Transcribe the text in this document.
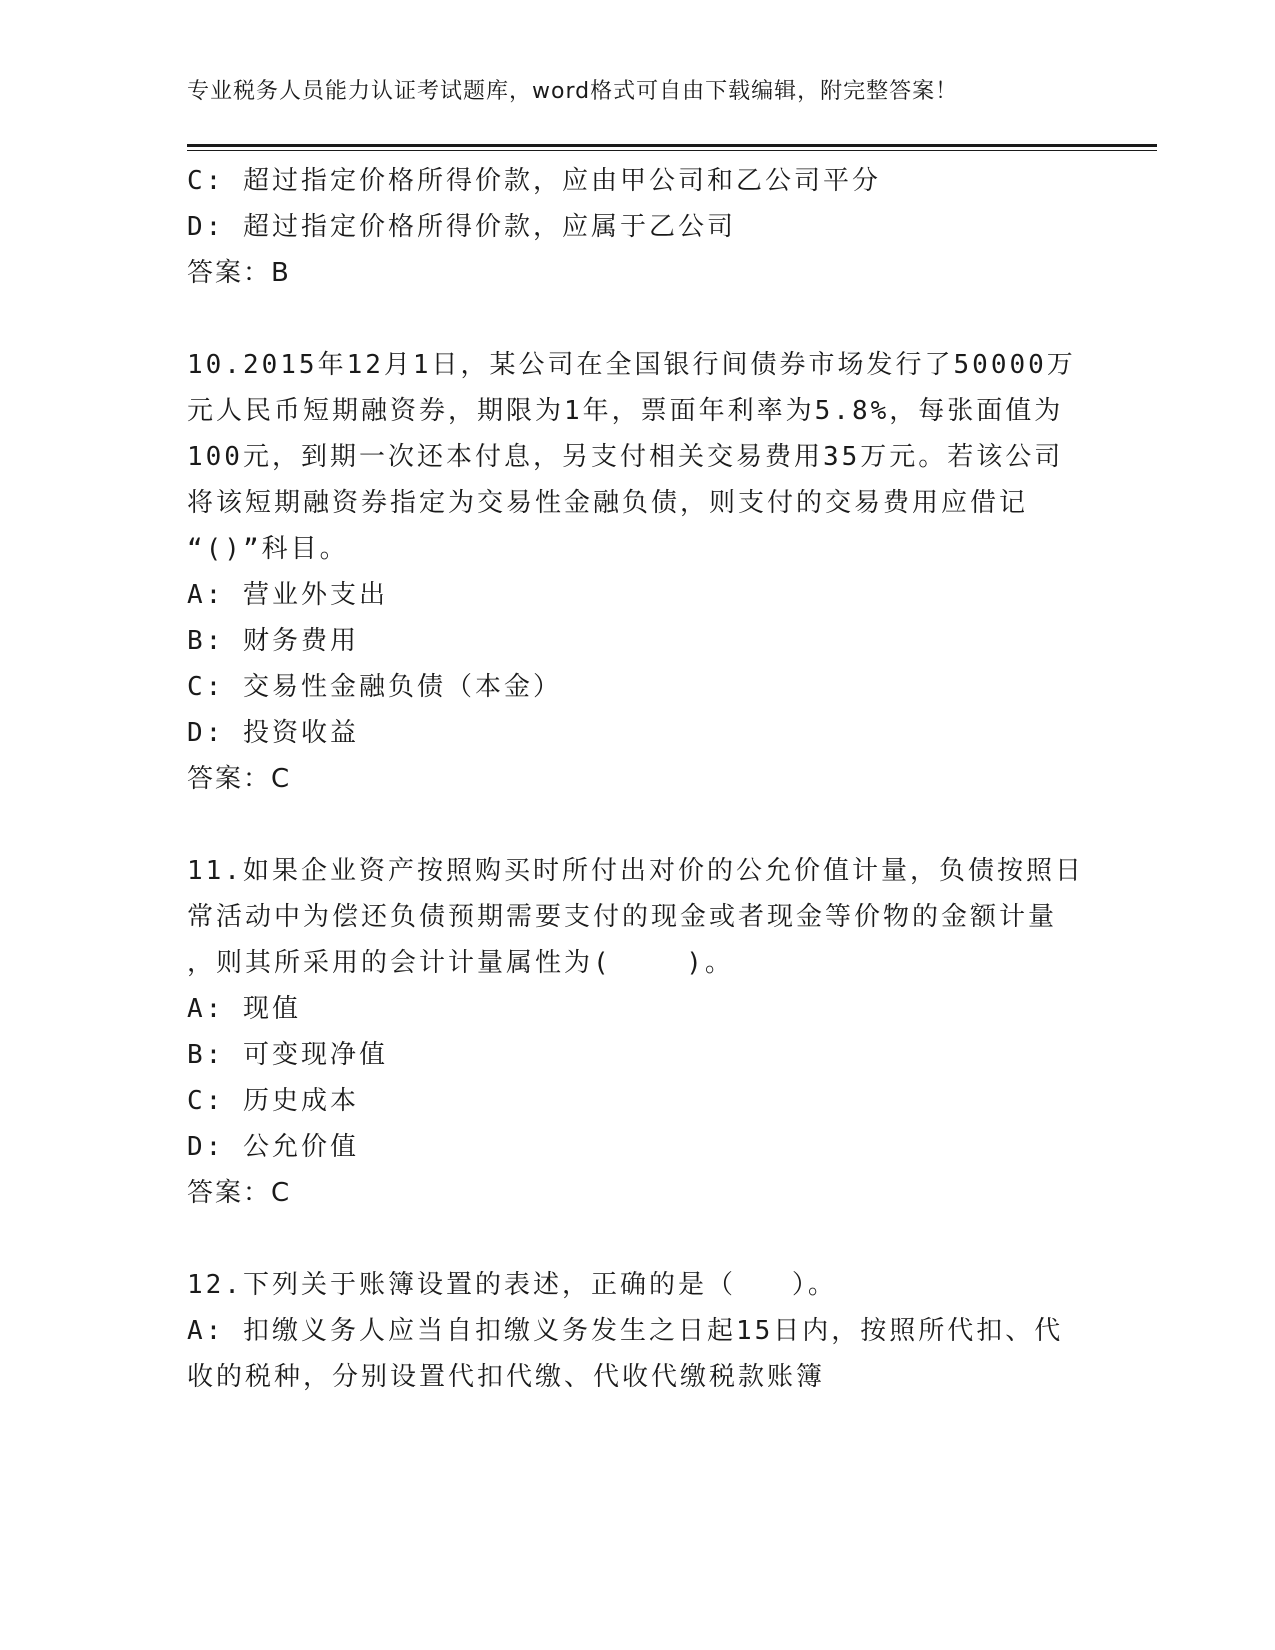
专业税务人员能力认证考试题库，word格式可自由下载编辑，附完整答案！
C: 超过指定价格所得价款，应由甲公司和乙公司平分
D: 超过指定价格所得价款，应属于乙公司
答案：B
10.2015年12月1日，某公司在全国银行间债券市场发行了50000万
元人民币短期融资券，期限为1年，票面年利率为5.8%，每张面值为
100元，到期一次还本付息，另支付相关交易费用35万元。若该公司
将该短期融资券指定为交易性金融负债，则支付的交易费用应借记
“()”科目。
A: 营业外支出
B: 财务费用
C: 交易性金融负债（本金）
D: 投资收益
答案：C
11.如果企业资产按照购买时所付出对价的公允价值计量，负债按照日
常活动中为偿还负债预期需要支付的现金或者现金等价物的金额计量
，则其所采用的会计计量属性为(    )。
A: 现值
B: 可变现净值
C: 历史成本
D: 公允价值
答案：C
12.下列关于账簿设置的表述，正确的是（   ）。
A: 扣缴义务人应当自扣缴义务发生之日起15日内，按照所代扣、代
收的税种，分别设置代扣代缴、代收代缴税款账簿
